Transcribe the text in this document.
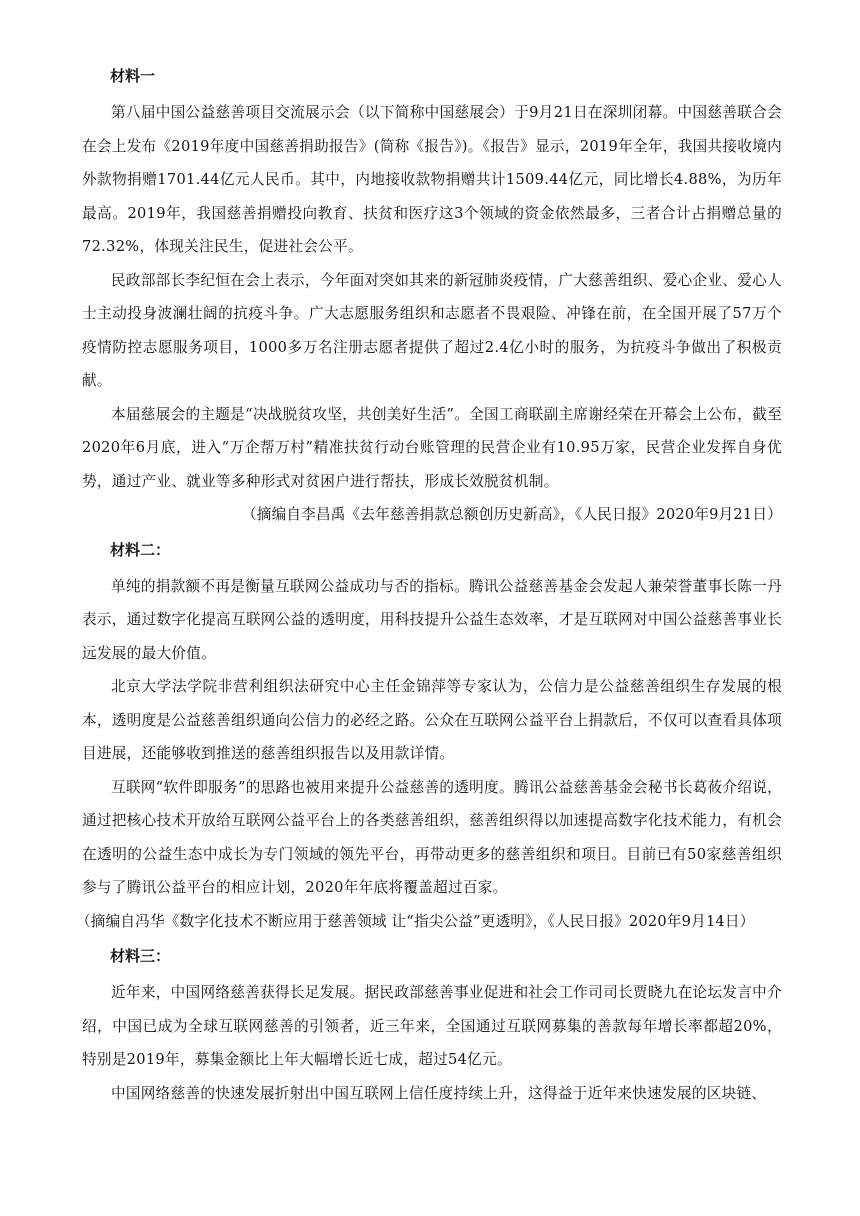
材料一

第八届中国公益慈善项目交流展示会（以下简称中国慈展会）于9月21日在深圳闭幕。中国慈善联合会在会上发布《2019年度中国慈善捐助报告》(简称《报告》)。《报告》显示，2019年全年，我国共接收境内外款物捐赠1701.44亿元人民币。其中，内地接收款物捐赠共计1509.44亿元，同比增长4.88%，为历年最高。2019年，我国慈善捐赠投向教育、扶贫和医疗这3个领域的资金依然最多，三者合计占捐赠总量的72.32%，体现关注民生，促进社会公平。

民政部部长李纪恒在会上表示，今年面对突如其来的新冠肺炎疫情，广大慈善组织、爱心企业、爱心人士主动投身波澜壮阔的抗疫斗争。广大志愿服务组织和志愿者不畏艰险、冲锋在前，在全国开展了57万个疫情防控志愿服务项目，1000多万名注册志愿者提供了超过2.4亿小时的服务，为抗疫斗争做出了积极贡献。

本届慈展会的主题是“决战脱贫攻坚，共创美好生活”。全国工商联副主席谢经荣在开幕会上公布，截至2020年6月底，进入“万企帮万村”精准扶贫行动台账管理的民营企业有10.95万家，民营企业发挥自身优势，通过产业、就业等多种形式对贫困户进行帮扶，形成长效脱贫机制。

（摘编自李昌禹《去年慈善捐款总额创历史新高》，《人民日报》2020年9月21日）

材料二：

单纯的捐款额不再是衡量互联网公益成功与否的指标。腾讯公益慈善基金会发起人兼荣誉董事长陈一丹表示，通过数字化提高互联网公益的透明度，用科技提升公益生态效率，才是互联网对中国公益慈善事业长远发展的最大价值。

北京大学法学院非营利组织法研究中心主任金锦萍等专家认为，公信力是公益慈善组织生存发展的根本，透明度是公益慈善组织通向公信力的必经之路。公众在互联网公益平台上捐款后，不仅可以查看具体项目进展，还能够收到推送的慈善组织报告以及用款详情。

互联网“软件即服务”的思路也被用来提升公益慈善的透明度。腾讯公益慈善基金会秘书长葛莜介绍说，通过把核心技术开放给互联网公益平台上的各类慈善组织，慈善组织得以加速提高数字化技术能力，有机会在透明的公益生态中成长为专门领域的领先平台，再带动更多的慈善组织和项目。目前已有50家慈善组织参与了腾讯公益平台的相应计划，2020年年底将覆盖超过百家。

（摘编自冯华《数字化技术不断应用于慈善领域 让“指尖公益”更透明》，《人民日报》2020年9月14日）

材料三：

近年来，中国网络慈善获得长足发展。据民政部慈善事业促进和社会工作司司长贾晓九在论坛发言中介绍，中国已成为全球互联网慈善的引领者，近三年来，全国通过互联网募集的善款每年增长率都超20%，特别是2019年，募集金额比上年大幅增长近七成，超过54亿元。

中国网络慈善的快速发展折射出中国互联网上信任度持续上升，这得益于近年来快速发展的区块链、
